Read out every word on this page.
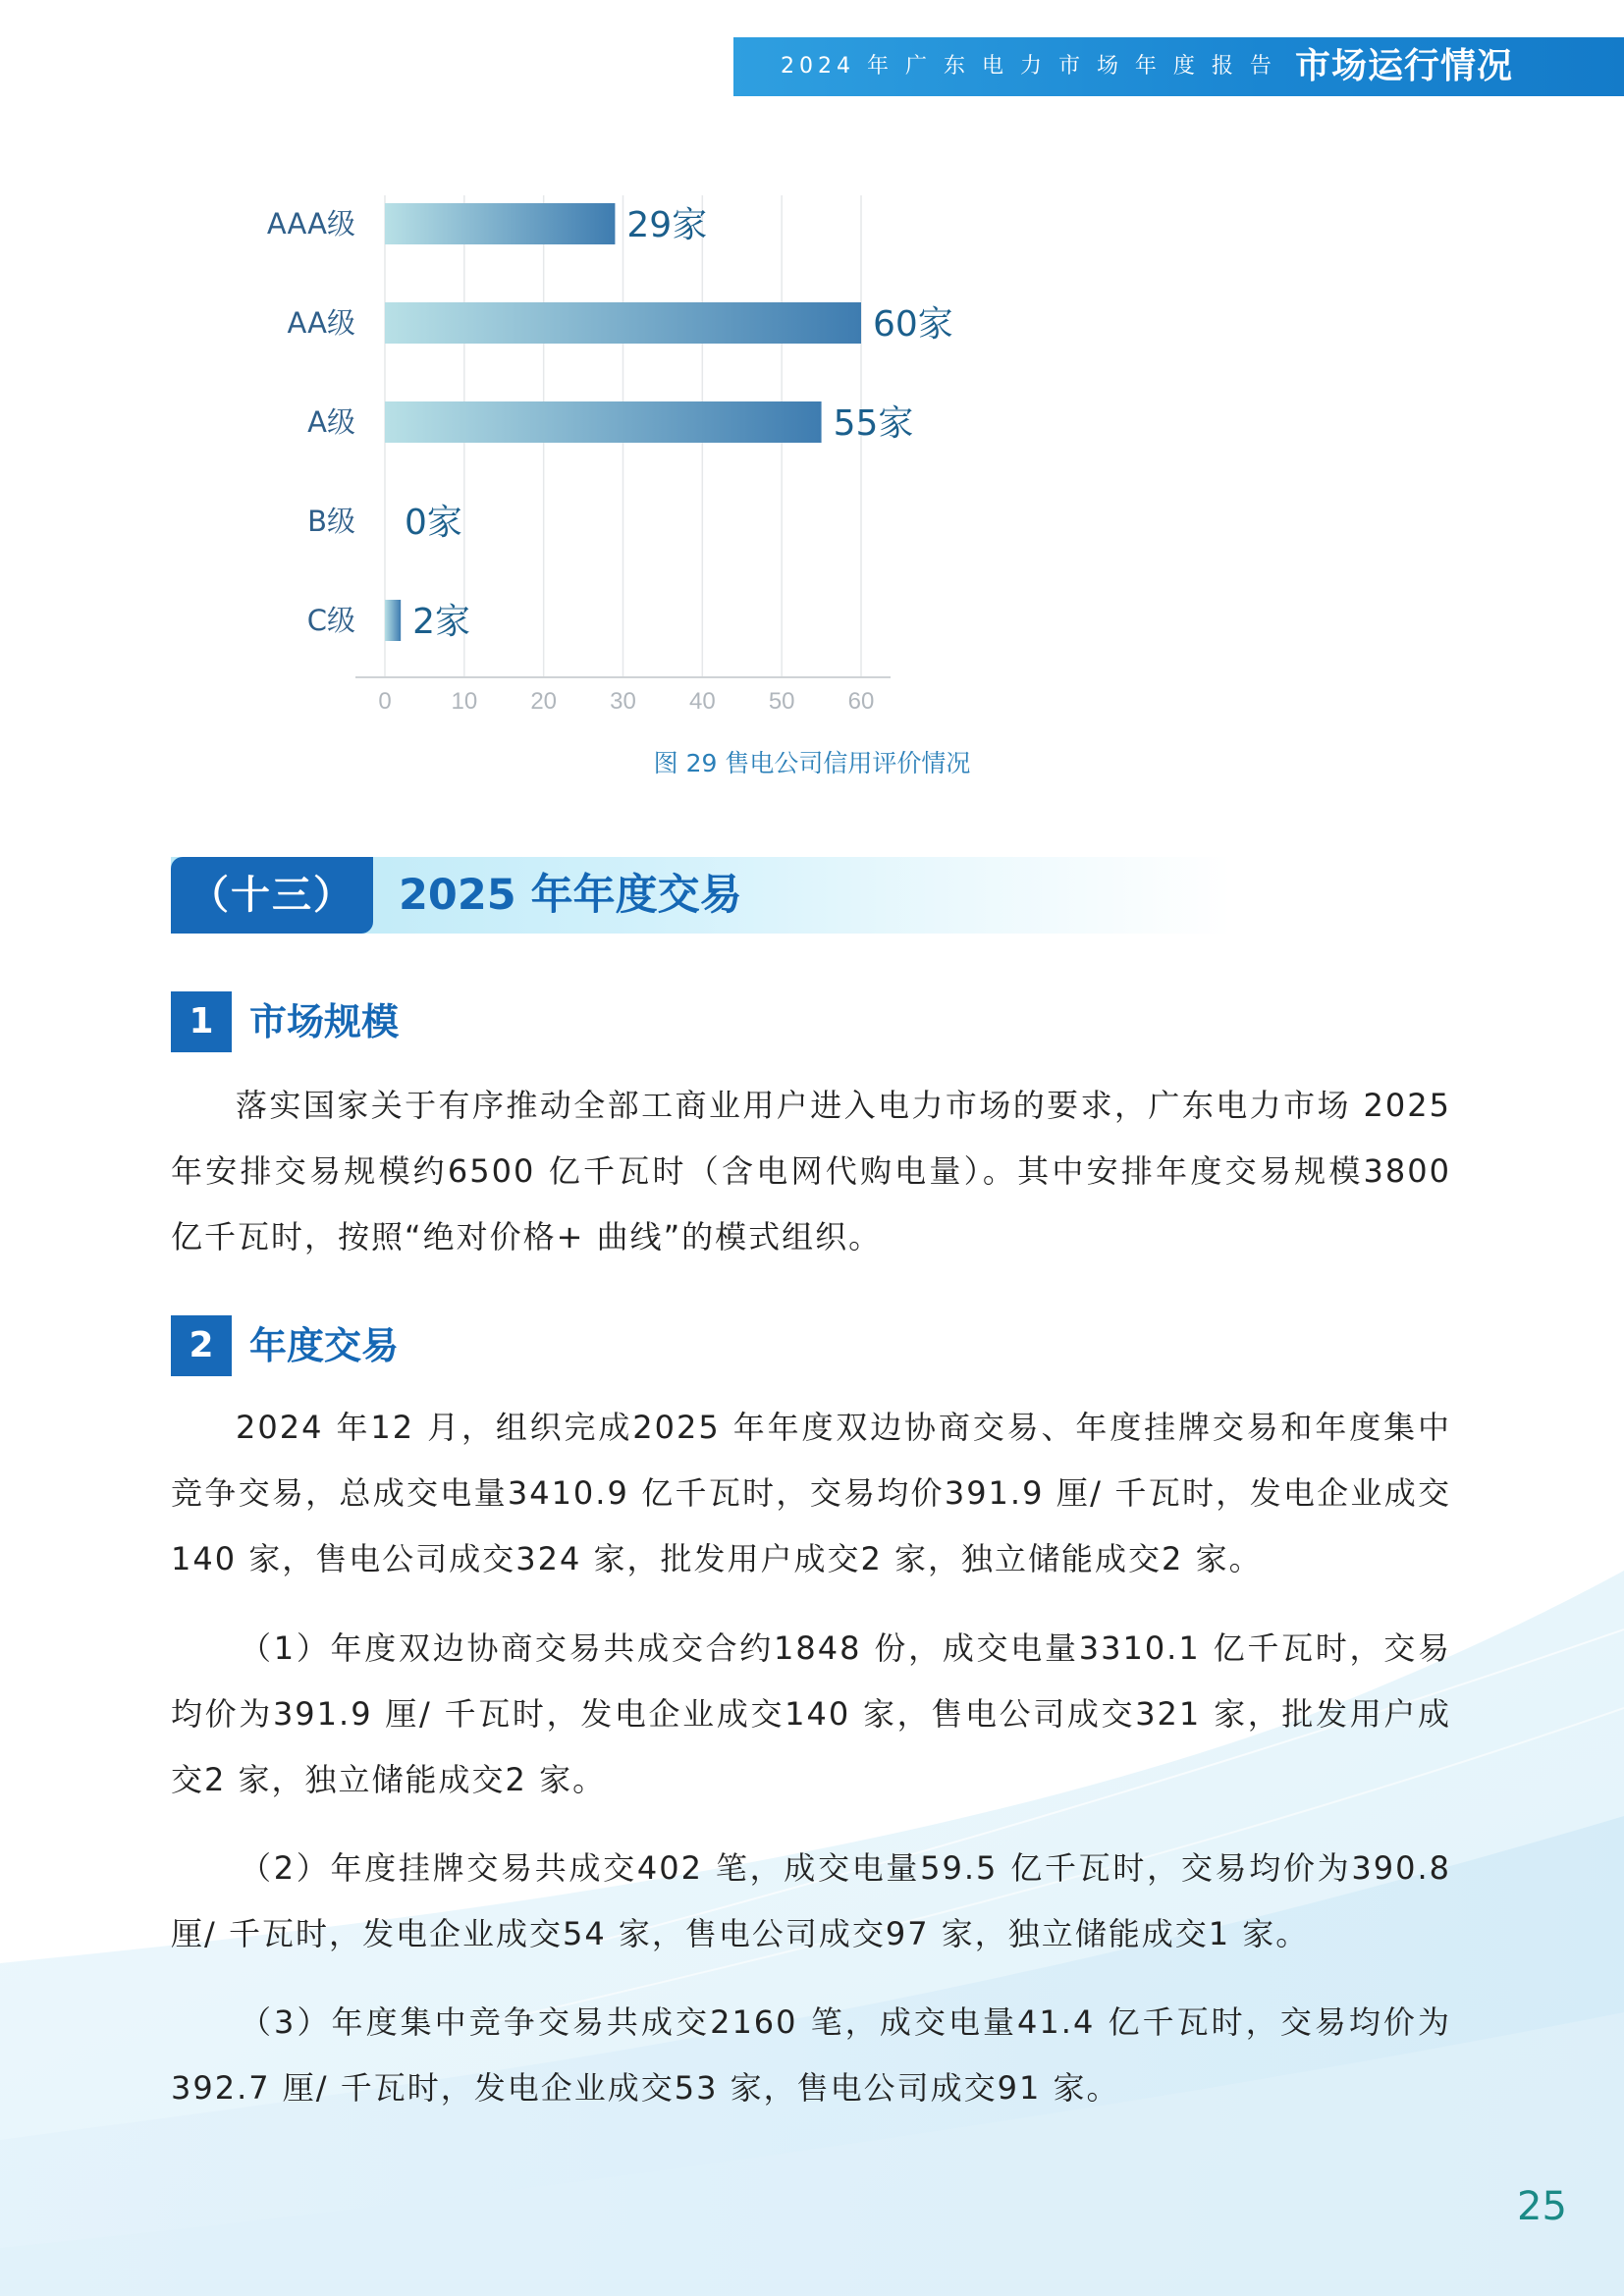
2024 年 广 东 电 力 市 场 年 度 报 告 市场运行情况
0	10 20 30 40 50 60
AAA级	29家
AA级	60家
A级	55家
B级 0家
C级 2家
图 29 售电公司信用评价情况
（十三）	2025 年年度交易
1 市场规模

落实国家关于有序推动全部工商业用户进入电力市场的要求，广东电力市场 2025 年安排交易规模约6500 亿千瓦时（含电网代购电量）。其中安排年度交易规模3800 亿千瓦时，按照“绝对价格+ 曲线”的模式组织。

2 年度交易

2024 年12 月，组织完成2025 年年度双边协商交易、年度挂牌交易和年度集中竞争交易，总成交电量3410.9 亿千瓦时，交易均价391.9 厘/ 千瓦时，发电企业成交140 家，售电公司成交324 家，批发用户成交2 家，独立储能成交2 家。

（1）年度双边协商交易共成交合约1848 份，成交电量3310.1 亿千瓦时，交易均价为391.9 厘/ 千瓦时，发电企业成交140 家，售电公司成交321 家，批发用户成交2 家，独立储能成交2 家。

（2）年度挂牌交易共成交402 笔，成交电量59.5 亿千瓦时，交易均价为390.8 厘/ 千瓦时，发电企业成交54 家，售电公司成交97 家，独立储能成交1 家。

（3）年度集中竞争交易共成交2160 笔，成交电量41.4 亿千瓦时，交易均价为 392.7 厘/ 千瓦时，发电企业成交53 家，售电公司成交91 家。

25
